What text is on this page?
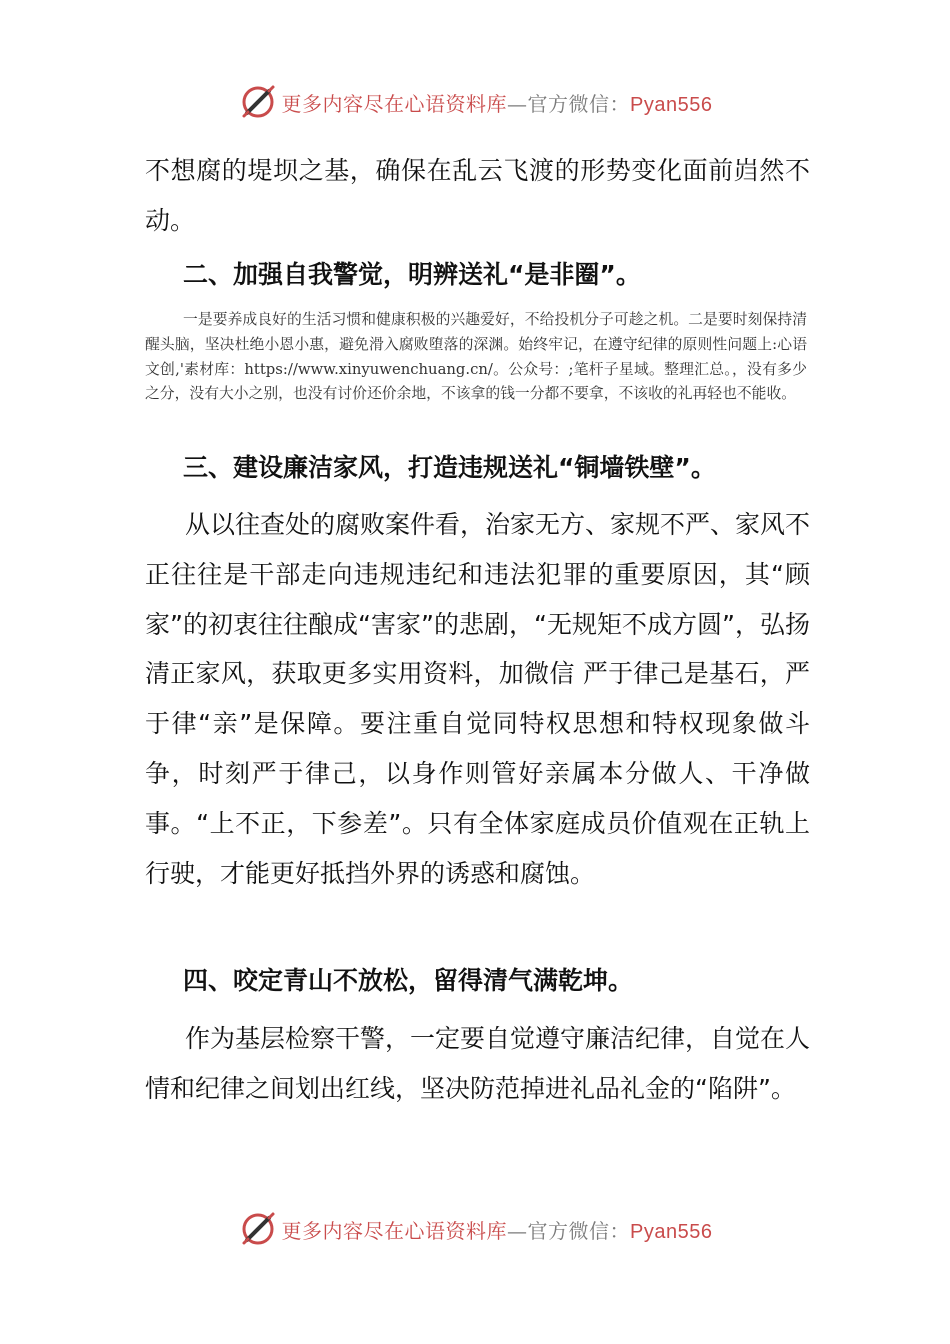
更多内容尽在心语资料库—官方微信：Pyan556
不想腐的堤坝之基，确保在乱云飞渡的形势变化面前岿然不动。
二、加强自我警觉，明辨送礼“是非圈”。
一是要养成良好的生活习惯和健康积极的兴趣爱好，不给投机分子可趁之机。二是要时刻保持清醒头脑，坚决杜绝小恩小惠，避免滑入腐败堕落的深渊。始终牢记，在遵守纪律的原则性问题上:心语文创,'素材库：https://www.xinyuwenchuang.cn/。公众号：;笔杆子星域。整理汇总。，没有多少之分，没有大小之别，也没有讨价还价余地，不该拿的钱一分都不要拿，不该收的礼再轻也不能收。
三、建设廉洁家风，打造违规送礼“铜墙铁壁”。
从以往查处的腐败案件看，治家无方、家规不严、家风不正往往是干部走向违规违纪和违法犯罪的重要原因，其“顾家”的初衷往往酿成“害家”的悲剧，“无规矩不成方圆”，弘扬清正家风，获取更多实用资料，加微信 严于律己是基石，严于律“亲”是保障。要注重自觉同特权思想和特权现象做斗争，时刻严于律己，以身作则管好亲属本分做人、干净做事。“上不正，下参差”。只有全体家庭成员价值观在正轨上行驶，才能更好抵挡外界的诱惑和腐蚀。
四、咬定青山不放松，留得清气满乾坤。
作为基层检察干警，一定要自觉遵守廉洁纪律，自觉在人情和纪律之间划出红线，坚决防范掉进礼品礼金的“陷阱”。
更多内容尽在心语资料库—官方微信：Pyan556
